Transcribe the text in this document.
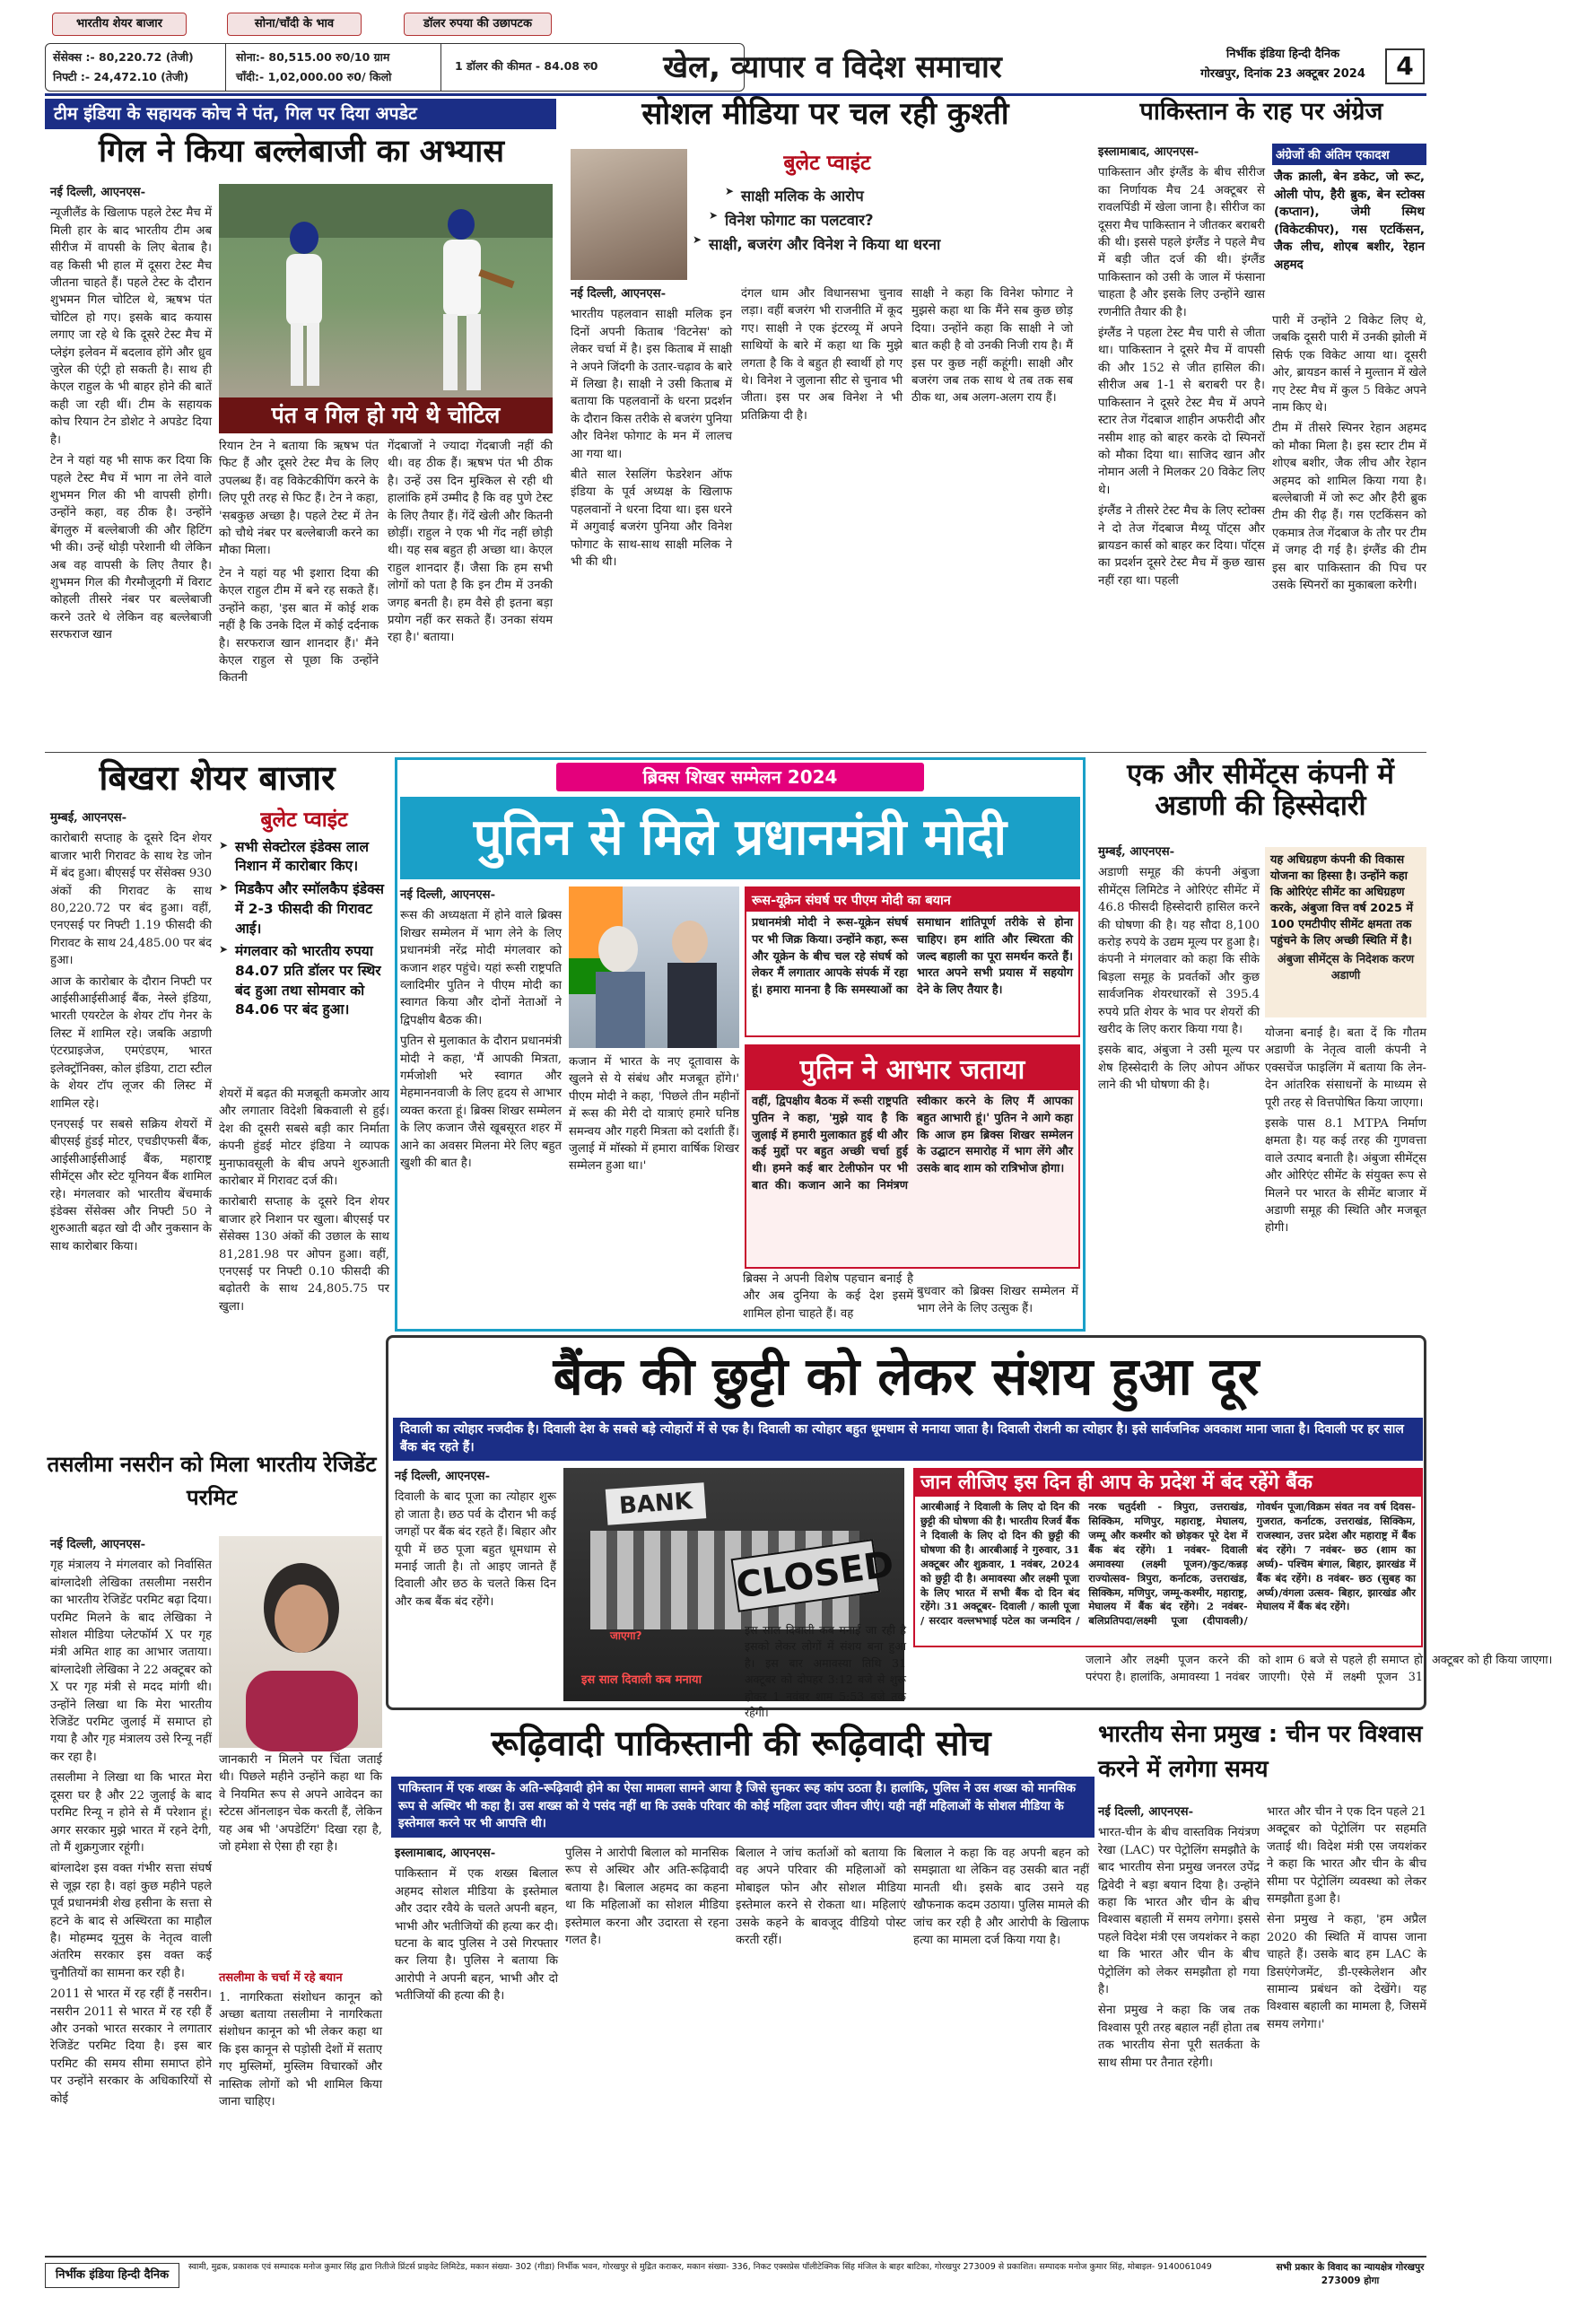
भारतीय शेयर बाजार	सोना/चाँदी के भाव	डॉलर रुपया की उछापटक
सेंसेक्स :- 80,220.72 (तेजी)
निफ्टी :- 24,472.10 (तेजी)
सोना:- 80,515.00 रु0/10 ग्राम
चाँदी:- 1,02,000.00 रु0/ किलो
1 डॉलर की कीमत - 84.08 रु0	खेल, व्यापार व विदेश समाचार	निर्भीक इंडिया हिन्दी दैनिक
गोरखपुर, दिनांक 23 अक्टूबर 2024	4
टीम इंडिया के सहायक कोच ने पंत, गिल पर दिया अपडेट
गिल ने किया बल्लेबाजी का अभ्यास

नई दिल्ली, आएनएस-

न्यूजीलैंड के खिलाफ पहले टेस्ट मैच में मिली हार के बाद भारतीय टीम अब सीरीज में वापसी के लिए बेताब है। वह किसी भी हाल में दूसरा टेस्ट मैच जीतना चाहते हैं। पहले टेस्ट के दौरान शुभमन गिल चोटिल थे, ऋषभ पंत चोटिल हो गए। इसके बाद कयास लगाए जा रहे थे कि दूसरे टेस्ट मैच में प्लेइंग इलेवन में बदलाव होंगे और ध्रुव जुरेल की एंट्री हो सकती है। साथ ही केएल राहुल के भी बाहर होने की बातें कही जा रही थीं। टीम के सहायक कोच रियान टेन डोशेट ने अपडेट दिया है।

टेन ने यहां यह भी साफ कर दिया कि पहले टेस्ट मैच में भाग ना लेने वाले शुभमन गिल की भी वापसी होगी। उन्होंने कहा, वह ठीक है। उन्होंने बेंगलुरु में बल्लेबाजी की और हिटिंग भी की। उन्हें थोड़ी परेशानी थी लेकिन अब वह वापसी के लिए तैयार है। शुभमन गिल की गैरमौजूदगी में विराट कोहली तीसरे नंबर पर बल्लेबाजी करने उतरे थे लेकिन वह बल्लेबाजी सरफराज खान

पंत व गिल हो गये थे चोटिल
रियान टेन ने बताया कि ऋषभ पंत फिट हैं और दूसरे टेस्ट मैच के लिए उपलब्ध हैं। वह विकेटकीपिंग करने के लिए पूरी तरह से फिट हैं। टेन ने कहा, 'सबकुछ अच्छा है। पहले टेस्ट में तेन को चौथे नंबर पर बल्लेबाजी करने का मौका मिला।
टेन ने यहां यह भी इशारा दिया की केएल राहुल टीम में बने रह सकते हैं। उन्होंने कहा, 'इस बात में कोई शक नहीं है कि उनके दिल में कोई दर्दनाक है। सरफराज खान शानदार हैं।' मैंने केएल राहुल से पूछा कि उन्होंने कितनी
गेंदबाजों ने ज्यादा गेंदबाजी नहीं की थी। वह ठीक हैं। ऋषभ पंत भी ठीक है। उन्हें उस दिन मुश्किल से रही थी हालांकि हमें उम्मीद है कि वह पुणे टेस्ट के लिए तैयार हैं। गेंदें खेली और कितनी छोड़ीं। राहुल ने एक भी गेंद नहीं छोड़ी थी। यह सब बहुत ही अच्छा था। केएल राहुल शानदार हैं। जैसा कि हम सभी लोगों को पता है कि इन टीम में उनकी जगह बनती है। हम वैसे ही इतना बड़ा प्रयोग नहीं कर सकते हैं। उनका संयम रहा है।' बताया।
सोशल मीडिया पर चल रही कुश्ती
बुलेट प्वाइंट
➤ साक्षी मलिक के आरोप
➤ विनेश फोगाट का पलटवार?
➤ साक्षी, बजरंग और विनेश ने किया था धरना

नई दिल्ली, आएनएस-

भारतीय पहलवान साक्षी मलिक इन दिनों अपनी किताब 'विटनेस' को लेकर चर्चा में है। इस किताब में साक्षी ने अपने जिंदगी के उतार-चढ़ाव के बारे में लिखा है। साक्षी ने उसी किताब में बताया कि पहलवानों के धरना प्रदर्शन के दौरान किस तरीके से बजरंग पुनिया और विनेश फोगाट के मन में लालच आ गया था।

बीते साल रेसलिंग फेडरेशन ऑफ इंडिया के पूर्व अध्यक्ष के खिलाफ पहलवानों ने धरना दिया था। इस धरने में अगुवाई बजरंग पुनिया और विनेश फोगाट के साथ-साथ साक्षी मलिक ने भी की थी।

दंगल धाम और विधानसभा चुनाव लड़ा। वहीं बजरंग भी राजनीति में कूद गए। साक्षी ने एक इंटरव्यू में अपने साथियों के बारे में कहा था कि मुझे लगता है कि वे बहुत ही स्वार्थी हो गए थे। विनेश ने जुलाना सीट से चुनाव भी जीता। इस पर अब विनेश ने भी प्रतिक्रिया दी है।
साक्षी ने कहा कि विनेश फोगाट ने मुझसे कहा था कि मैंने सब कुछ छोड़ दिया। उन्होंने कहा कि साक्षी ने जो बात कही है वो उनकी निजी राय है। मैं इस पर कुछ नहीं कहूंगी। साक्षी और बजरंग जब तक साथ थे तब तक सब ठीक था, अब अलग-अलग राय हैं।
पाकिस्तान के राह पर अंग्रेज

इस्लामाबाद, आएनएस-

पाकिस्तान और इंग्लैंड के बीच सीरीज का निर्णायक मैच 24 अक्टूबर से रावलपिंडी में खेला जाना है। सीरीज का दूसरा मैच पाकिस्तान ने जीतकर बराबरी की थी। इससे पहले इंग्लैंड ने पहले मैच में बड़ी जीत दर्ज की थी। इंग्लैंड पाकिस्तान को उसी के जाल में फंसाना चाहता है और इसके लिए उन्होंने खास रणनीति तैयार की है।

इंग्लैंड ने पहला टेस्ट मैच पारी से जीता था। पाकिस्तान ने दूसरे मैच में वापसी की और 152 से जीत हासिल की। सीरीज अब 1-1 से बराबरी पर है। पाकिस्तान ने दूसरे टेस्ट मैच में अपने स्टार तेज गेंदबाज शाहीन अफरीदी और नसीम शाह को बाहर करके दो स्पिनरों को मौका दिया था। साजिद खान और नोमान अली ने मिलकर 20 विकेट लिए थे।

इंग्लैंड ने तीसरे टेस्ट मैच के लिए स्टोक्स ने दो तेज गेंदबाज मैथ्यू पॉट्स और ब्रायडन कार्स को बाहर कर दिया। पॉट्स का प्रदर्शन दूसरे टेस्ट मैच में कुछ खास नहीं रहा था। पहली

अंग्रेजों की अंतिम एकादश
जैक क्राली, बेन डकेट, जो रूट, ओली पोप, हैरी ब्रुक, बेन स्टोक्स (कप्तान), जेमी स्मिथ (विकेटकीपर), गस एटकिंसन, जैक लीच, शोएब बशीर, रेहान अहमद

पारी में उन्होंने 2 विकेट लिए थे, जबकि दूसरी पारी में उनकी झोली में सिर्फ एक विकेट आया था। दूसरी ओर, ब्रायडन कार्स ने मुल्तान में खेले गए टेस्ट मैच में कुल 5 विकेट अपने नाम किए थे।

टीम में तीसरे स्पिनर रेहान अहमद को मौका मिला है। इस स्टार टीम में शोएब बशीर, जैक लीच और रेहान अहमद को शामिल किया गया है। बल्लेबाजी में जो रूट और हैरी ब्रुक टीम की रीढ़ हैं। गस एटकिंसन को एकमात्र तेज गेंदबाज के तौर पर टीम में जगह दी गई है। इंग्लैंड की टीम इस बार पाकिस्तान की पिच पर उसके स्पिनरों का मुकाबला करेगी।

बिखरा शेयर बाजार

मुम्बई, आएनएस-

कारोबारी सप्ताह के दूसरे दिन शेयर बाजार भारी गिरावट के साथ रेड जोन में बंद हुआ। बीएसई पर सेंसेक्स 930 अंकों की गिरावट के साथ 80,220.72 पर बंद हुआ। वहीं, एनएसई पर निफ्टी 1.19 फीसदी की गिरावट के साथ 24,485.00 पर बंद हुआ।

आज के कारोबार के दौरान निफ्टी पर आईसीआईसीआई बैंक, नेस्ले इंडिया, भारती एयरटेल के शेयर टॉप गेनर के लिस्ट में शामिल रहे। जबकि अडाणी एंटरप्राइजेज, एमएंडएम, भारत इलेक्ट्रॉनिक्स, कोल इंडिया, टाटा स्टील के शेयर टॉप लूजर की लिस्ट में शामिल रहे।

एनएसई पर सबसे सक्रिय शेयरों में बीएसई हुंडई मोटर, एचडीएफसी बैंक, आईसीआईसीआई बैंक, महाराष्ट्र सीमेंट्स और स्टेट यूनियन बैंक शामिल रहे। मंगलवार को भारतीय बेंचमार्क इंडेक्स सेंसेक्स और निफ्टी 50 ने शुरुआती बढ़त खो दी और नुकसान के साथ कारोबार किया।

बुलेट प्वाइंट
➤ सभी सेक्टोरल इंडेक्स लाल निशान में कारोबार किए।
➤ मिडकैप और स्मॉलकैप इंडेक्स में 2-3 फीसदी की गिरावट आई।
➤ मंगलवार को भारतीय रुपया 84.07 प्रति डॉलर पर स्थिर बंद हुआ तथा सोमवार को 84.06 पर बंद हुआ।

शेयरों में बढ़त की मजबूती कमजोर आय और लगातार विदेशी बिकवाली से हुई। देश की दूसरी सबसे बड़ी कार निर्माता कंपनी हुंडई मोटर इंडिया ने व्यापक मुनाफावसूली के बीच अपने शुरुआती कारोबार में गिरावट दर्ज की।

कारोबारी सप्ताह के दूसरे दिन शेयर बाजार हरे निशान पर खुला। बीएसई पर सेंसेक्स 130 अंकों की उछाल के साथ 81,281.98 पर ओपन हुआ। वहीं, एनएसई पर निफ्टी 0.10 फीसदी की बढ़ोतरी के साथ 24,805.75 पर खुला।

ब्रिक्स शिखर सम्मेलन 2024
पुतिन से मिले प्रधानमंत्री मोदी

नई दिल्ली, आएनएस-

रूस की अध्यक्षता में होने वाले ब्रिक्स शिखर सम्मेलन में भाग लेने के लिए प्रधानमंत्री नरेंद्र मोदी मंगलवार को कजान शहर पहुंचे। यहां रूसी राष्ट्रपति व्लादिमीर पुतिन ने पीएम मोदी का स्वागत किया और दोनों नेताओं ने द्विपक्षीय बैठक की।

पुतिन से मुलाकात के दौरान प्रधानमंत्री मोदी ने कहा, 'मैं आपकी मित्रता, गर्मजोशी भरे स्वागत और मेहमाननवाजी के लिए हृदय से आभार व्यक्त करता हूं। ब्रिक्स शिखर सम्मेलन के लिए कजान जैसे खूबसूरत शहर में आने का अवसर मिलना मेरे लिए बहुत खुशी की बात है।

कजान में भारत के नए दूतावास के खुलने से ये संबंध और मजबूत होंगे।' पीएम मोदी ने कहा, 'पिछले तीन महीनों में रूस की मेरी दो यात्राएं हमारे घनिष्ठ समन्वय और गहरी मित्रता को दर्शाती हैं। जुलाई में मॉस्को में हमारा वार्षिक शिखर सम्मेलन हुआ था।'
ब्रिक्स ने अपनी विशेष पहचान बनाई है और अब दुनिया के कई देश इसमें शामिल होना चाहते हैं। वह
रूस-यूक्रेन संघर्ष पर पीएम मोदी का बयान
प्रधानमंत्री मोदी ने रूस-यूक्रेन संघर्ष पर भी जिक्र किया। उन्होंने कहा, रूस और यूक्रेन के बीच चल रहे संघर्ष को लेकर मैं लगातार आपके संपर्क में रहा हूं। हमारा मानना है कि समस्याओं का समाधान शांतिपूर्ण तरीके से होना चाहिए। हम शांति और स्थिरता की जल्द बहाली का पूरा समर्थन करते हैं। भारत अपने सभी प्रयास में सहयोग देने के लिए तैयार है।
पुतिन ने आभार जताया
वहीं, द्विपक्षीय बैठक में रूसी राष्ट्रपति पुतिन ने कहा, 'मुझे याद है कि जुलाई में हमारी मुलाकात हुई थी और कई मुद्दों पर बहुत अच्छी चर्चा हुई थी। हमने कई बार टेलीफोन पर भी बात की। कजान आने का निमंत्रण स्वीकार करने के लिए मैं आपका बहुत आभारी हूं।' पुतिन ने आगे कहा कि आज हम ब्रिक्स शिखर सम्मेलन के उद्घाटन समारोह में भाग लेंगे और उसके बाद शाम को रात्रिभोज होगा।
बुधवार को ब्रिक्स शिखर सम्मेलन में भाग लेने के लिए उत्सुक हैं।
एक और सीमेंट्स कंपनी में अडाणी की हिस्सेदारी

मुम्बई, आएनएस-

अडाणी समूह की कंपनी अंबुजा सीमेंट्स लिमिटेड ने ओरिएंट सीमेंट में 46.8 फीसदी हिस्सेदारी हासिल करने की घोषणा की है। यह सौदा 8,100 करोड़ रुपये के उद्यम मूल्य पर हुआ है। कंपनी ने मंगलवार को कहा कि सीके बिड़ला समूह के प्रवर्तकों और कुछ सार्वजनिक शेयरधारकों से 395.4 रुपये प्रति शेयर के भाव पर शेयरों की खरीद के लिए करार किया गया है।

इसके बाद, अंबुजा ने उसी मूल्य पर शेष हिस्सेदारी के लिए ओपन ऑफर लाने की भी घोषणा की है।

यह अधिग्रहण कंपनी की विकास योजना का हिस्सा है। उन्होंने कहा कि ओरिएंट सीमेंट का अधिग्रहण करके, अंबुजा वित्त वर्ष 2025 में 100 एमटीपीए सीमेंट क्षमता तक पहुंचने के लिए अच्छी स्थिति में है।
अंबुजा सीमेंट्स के निदेशक करण अडाणी

योजना बनाई है। बता दें कि गौतम अडाणी के नेतृत्व वाली कंपनी ने एक्सचेंज फाइलिंग में बताया कि लेन-देन आंतरिक संसाधनों के माध्यम से पूरी तरह से वित्तपोषित किया जाएगा।

इसके पास 8.1 MTPA निर्माण क्षमता है। यह कई तरह की गुणवत्ता वाले उत्पाद बनाती है। अंबुजा सीमेंट्स और ओरिएंट सीमेंट के संयुक्त रूप से मिलने पर भारत के सीमेंट बाजार में अडाणी समूह की स्थिति और मजबूत होगी।

बैंक की छुट्टी को लेकर संशय हुआ दूर
दिवाली का त्योहार नजदीक है। दिवाली देश के सबसे बड़े त्योहारों में से एक है। दिवाली का त्योहार बहुत धूमधाम से मनाया जाता है। दिवाली रोशनी का त्योहार है। इसे सार्वजनिक अवकाश माना जाता है। दिवाली पर हर साल बैंक बंद रहते हैं।

नई दिल्ली, आएनएस-

दिवाली के बाद पूजा का त्योहार शुरू हो जाता है। छठ पर्व के दौरान भी कई जगहों पर बैंक बंद रहते हैं। बिहार और यूपी में छठ पूजा बहुत धूमधाम से मनाई जाती है। तो आइए जानते हैं दिवाली और छठ के चलते किस दिन और कब बैंक बंद रहेंगे।

BANK
CLOSED
जाएगा?
इस साल दिवाली कब मनाया
इस साल दिवाली कब मनाई जा रही है इसको लेकर लोगों में संशय बना हुआ है। इस बार अमावस्या तिथि 31 अक्टूबर को दोपहर 3:12 बजे से शुरू होकर 1 नवंबर शाम 5:53 बजे तक रहेगी।
जान लीजिए इस दिन ही आप के प्रदेश में बंद रहेंगे बैंक
आरबीआई ने दिवाली के लिए दो दिन की छुट्टी की घोषणा की है। भारतीय रिजर्व बैंक ने दिवाली के लिए दो दिन की छुट्टी की घोषणा की है। आरबीआई ने गुरुवार, 31 अक्टूबर और शुक्रवार, 1 नवंबर, 2024 को छुट्टी दी है। अमावस्या और लक्ष्मी पूजा के लिए भारत में सभी बैंक दो दिन बंद रहेंगे। 31 अक्टूबर- दिवाली / काली पूजा / सरदार वल्लभभाई पटेल का जन्मदिन / नरक चतुर्दशी - त्रिपुरा, उत्तराखंड, सिक्किम, मणिपुर, महाराष्ट्र, मेघालय, जम्मू और कश्मीर को छोड़कर पूरे देश में बैंक बंद रहेंगे। 1 नवंबर- दिवाली अमावस्या (लक्ष्मी पूजन)/कुट/कन्नड़ राज्योत्सव- त्रिपुरा, कर्नाटक, उत्तराखंड, सिक्किम, मणिपुर, जम्मू-कश्मीर, महाराष्ट्र, मेघालय में बैंक बंद रहेंगे। 2 नवंबर- बलिप्रतिपदा/लक्ष्मी पूजा (दीपावली)/गोवर्धन पूजा/विक्रम संवत नव वर्ष दिवस- गुजरात, कर्नाटक, उत्तराखंड, सिक्किम, राजस्थान, उत्तर प्रदेश और महाराष्ट्र में बैंक बंद रहेंगे। 7 नवंबर- छठ (शाम का अर्घ्य)- पश्चिम बंगाल, बिहार, झारखंड में बैंक बंद रहेंगे। 8 नवंबर- छठ (सुबह का अर्घ्य)/वंगला उत्सव- बिहार, झारखंड और मेघालय में बैंक बंद रहेंगे।
जलाने और लक्ष्मी पूजन करने की परंपरा है। हालांकि, अमावस्या 1 नवंबर को शाम 6 बजे से पहले ही समाप्त हो जाएगी। ऐसे में लक्ष्मी पूजन 31 अक्टूबर को ही किया जाएगा।
तसलीमा नसरीन को मिला भारतीय रेजिडेंट परमिट

नई दिल्ली, आएनएस-

गृह मंत्रालय ने मंगलवार को निर्वासित बांग्लादेशी लेखिका तसलीमा नसरीन का भारतीय रेजिडेंट परमिट बढ़ा दिया। परमिट मिलने के बाद लेखिका ने सोशल मीडिया प्लेटफॉर्म X पर गृह मंत्री अमित शाह का आभार जताया। बांग्लादेशी लेखिका ने 22 अक्टूबर को X पर गृह मंत्री से मदद मांगी थी। उन्होंने लिखा था कि मेरा भारतीय रेजिडेंट परमिट जुलाई में समाप्त हो गया है और गृह मंत्रालय उसे रिन्यू नहीं कर रहा है।

तसलीमा ने लिखा था कि भारत मेरा दूसरा घर है और 22 जुलाई के बाद परमिट रिन्यू न होने से मैं परेशान हूं। अगर सरकार मुझे भारत में रहने देगी, तो मैं शुक्रगुजार रहूंगी।

बांग्लादेश इस वक्त गंभीर सत्ता संघर्ष से जूझ रहा है। वहां कुछ महीने पहले पूर्व प्रधानमंत्री शेख हसीना के सत्ता से हटने के बाद से अस्थिरता का माहौल है। मोहम्मद यूनुस के नेतृत्व वाली अंतरिम सरकार इस वक्त कई चुनौतियों का सामना कर रही है।

2011 से भारत में रह रहीं हैं नसरीन। नसरीन 2011 से भारत में रह रही हैं और उनको भारत सरकार ने लगातार रेजिडेंट परमिट दिया है। इस बार परमिट की समय सीमा समाप्त होने पर उन्होंने सरकार के अधिकारियों से कोई

जानकारी न मिलने पर चिंता जताई थी। पिछले महीने उन्होंने कहा था कि वे नियमित रूप से अपने आवेदन का स्टेटस ऑनलाइन चेक करती हैं, लेकिन यह अब भी 'अपडेटिंग' दिखा रहा है, जो हमेशा से ऐसा ही रहा है।

तसलीमा के चर्चा में रहे बयान
1. नागरिकता संशोधन कानून को अच्छा बताया तसलीमा ने नागरिकता संशोधन कानून को भी लेकर कहा था कि इस कानून से पड़ोसी देशों में सताए गए मुस्लिमों, मुस्लिम विचारकों और नास्तिक लोगों को भी शामिल किया जाना चाहिए।
रूढ़िवादी पाकिस्तानी की रूढ़िवादी सोच
पाकिस्तान में एक शख्स के अति-रूढ़िवादी होने का ऐसा मामला सामने आया है जिसे सुनकर रूह कांप उठता है। हालांकि, पुलिस ने उस शख्स को मानसिक रूप से अस्थिर भी कहा है। उस शख्स को ये पसंद नहीं था कि उसके परिवार की कोई महिला उदार जीवन जीएं। यही नहीं महिलाओं के सोशल मीडिया के इस्तेमाल करने पर भी आपत्ति थी।

इस्लामाबाद, आएनएस-

पाकिस्तान में एक शख्स बिलाल अहमद सोशल मीडिया के इस्तेमाल और उदार रवैये के चलते अपनी बहन, भाभी और भतीजियों की हत्या कर दी। घटना के बाद पुलिस ने उसे गिरफ्तार कर लिया है। पुलिस ने बताया कि आरोपी ने अपनी बहन, भाभी और दो भतीजियों की हत्या की है।

पुलिस ने आरोपी बिलाल को मानसिक रूप से अस्थिर और अति-रूढ़िवादी बताया है। बिलाल अहमद का कहना था कि महिलाओं का सोशल मीडिया इस्तेमाल करना और उदारता से रहना गलत है।
बिलाल ने जांच कर्ताओं को बताया कि वह अपने परिवार की महिलाओं को मोबाइल फोन और सोशल मीडिया इस्तेमाल करने से रोकता था। महिलाएं उसके कहने के बावजूद वीडियो पोस्ट करती रहीं।
बिलाल ने कहा कि वह अपनी बहन को समझाता था लेकिन वह उसकी बात नहीं मानती थी। इसके बाद उसने यह खौफनाक कदम उठाया। पुलिस मामले की जांच कर रही है और आरोपी के खिलाफ हत्या का मामला दर्ज किया गया है।
भारतीय सेना प्रमुख : चीन पर विश्वास करने में लगेगा समय

नई दिल्ली, आएनएस-

भारत-चीन के बीच वास्तविक नियंत्रण रेखा (LAC) पर पेट्रोलिंग समझौते के बाद भारतीय सेना प्रमुख जनरल उपेंद्र द्विवेदी ने बड़ा बयान दिया है। उन्होंने कहा कि भारत और चीन के बीच विश्वास बहाली में समय लगेगा। इससे पहले विदेश मंत्री एस जयशंकर ने कहा था कि भारत और चीन के बीच पेट्रोलिंग को लेकर समझौता हो गया है।

सेना प्रमुख ने कहा कि जब तक विश्वास पूरी तरह बहाल नहीं होता तब तक भारतीय सेना पूरी सतर्कता के साथ सीमा पर तैनात रहेगी।

भारत और चीन ने एक दिन पहले 21 अक्टूबर को पेट्रोलिंग पर सहमति जताई थी। विदेश मंत्री एस जयशंकर ने कहा कि भारत और चीन के बीच सीमा पर पेट्रोलिंग व्यवस्था को लेकर समझौता हुआ है।

सेना प्रमुख ने कहा, 'हम अप्रैल 2020 की स्थिति में वापस जाना चाहते हैं। उसके बाद हम LAC के डिसएंगेजमेंट, डी-एस्केलेशन और सामान्य प्रबंधन को देखेंगे। यह विश्वास बहाली का मामला है, जिसमें समय लगेगा।'

निर्भीक इंडिया हिन्दी दैनिक
स्वामी, मुद्रक, प्रकाशक एवं सम्पादक मनोज कुमार सिंह द्वारा नितीजे प्रिंटर्स प्राइवेट लिमिटेड, मकान संख्या- 302 (गीडा) निर्भीक भवन, गोरखपुर से मुद्रित कराकर, मकान संख्या- 336, निकट एक्सप्रेस पॉलीटेक्निक सिंह मंजिल के बाहर बाटिका, गोरखपुर 273009 से प्रकाशित। सम्पादक मनोज कुमार सिंह, मोबाइल- 9140061049	सभी प्रकार के विवाद का न्यायक्षेत्र गोरखपुर 273009 होगा
